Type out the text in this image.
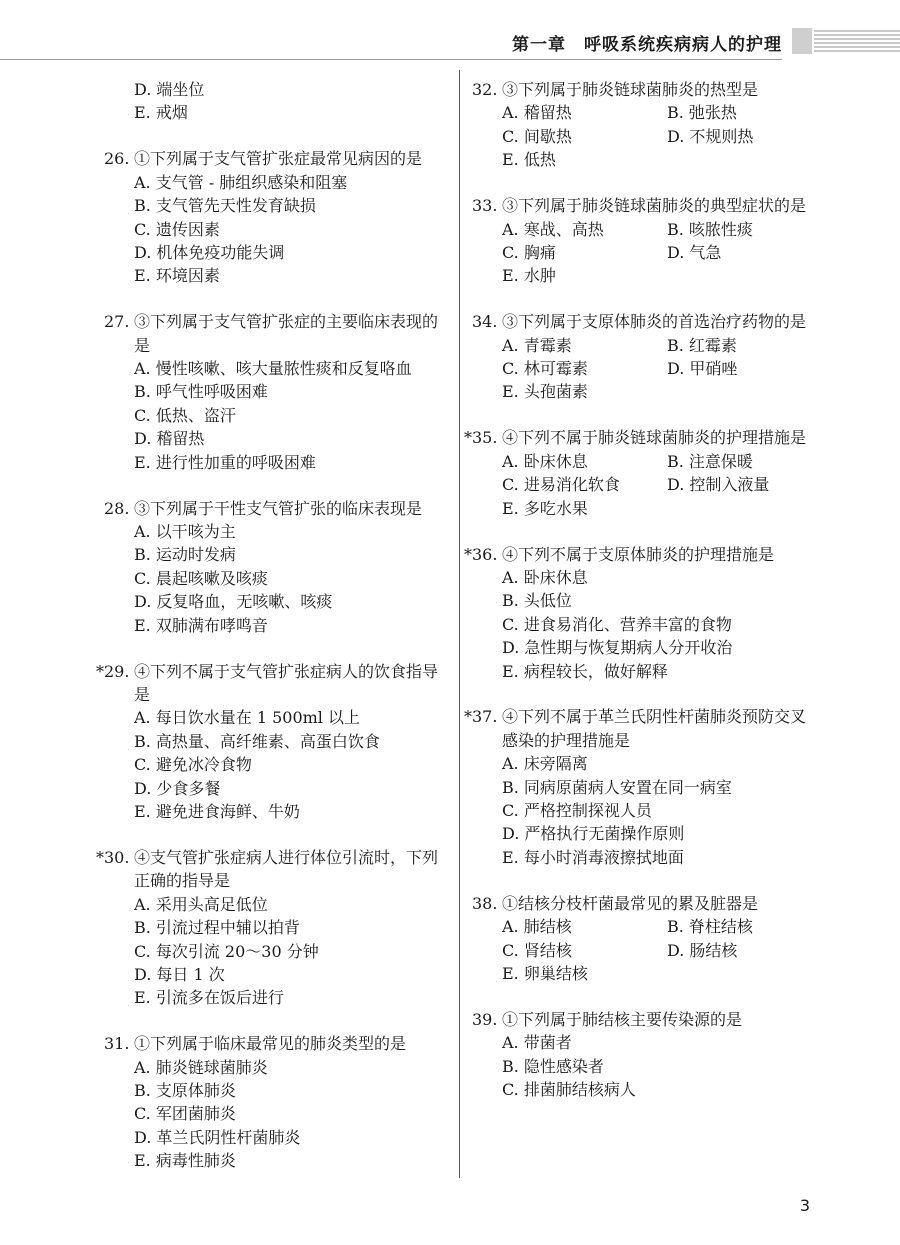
第一章　呼吸系统疾病病人的护理
D. 端坐位
E. 戒烟
26. ①下列属于支气管扩张症最常见病因的是
A. 支气管 - 肺组织感染和阻塞
B. 支气管先天性发育缺损
C. 遗传因素
D. 机体免疫功能失调
E. 环境因素
27. ③下列属于支气管扩张症的主要临床表现的是
A. 慢性咳嗽、咳大量脓性痰和反复咯血
B. 呼气性呼吸困难
C. 低热、盗汗
D. 稽留热
E. 进行性加重的呼吸困难
28. ③下列属于干性支气管扩张的临床表现是
A. 以干咳为主
B. 运动时发病
C. 晨起咳嗽及咳痰
D. 反复咯血，无咳嗽、咳痰
E. 双肺满布哮鸣音
*29. ④下列不属于支气管扩张症病人的饮食指导是
A. 每日饮水量在 1 500ml 以上
B. 高热量、高纤维素、高蛋白饮食
C. 避免冰冷食物
D. 少食多餐
E. 避免进食海鲜、牛奶
*30. ④支气管扩张症病人进行体位引流时，下列正确的指导是
A. 采用头高足低位
B. 引流过程中辅以拍背
C. 每次引流 20～30 分钟
D. 每日 1 次
E. 引流多在饭后进行
31. ①下列属于临床最常见的肺炎类型的是
A. 肺炎链球菌肺炎
B. 支原体肺炎
C. 军团菌肺炎
D. 革兰氏阴性杆菌肺炎
E. 病毒性肺炎
32. ③下列属于肺炎链球菌肺炎的热型是
A. 稽留热	B. 弛张热
C. 间歇热	D. 不规则热
E. 低热
33. ③下列属于肺炎链球菌肺炎的典型症状的是
A. 寒战、高热	B. 咳脓性痰
C. 胸痛	D. 气急
E. 水肿
34. ③下列属于支原体肺炎的首选治疗药物的是
A. 青霉素	B. 红霉素
C. 林可霉素	D. 甲硝唑
E. 头孢菌素
*35. ④下列不属于肺炎链球菌肺炎的护理措施是
A. 卧床休息	B. 注意保暖
C. 进易消化软食	D. 控制入液量
E. 多吃水果
*36. ④下列不属于支原体肺炎的护理措施是
A. 卧床休息
B. 头低位
C. 进食易消化、营养丰富的食物
D. 急性期与恢复期病人分开收治
E. 病程较长，做好解释
*37. ④下列不属于革兰氏阴性杆菌肺炎预防交叉感染的护理措施是
A. 床旁隔离
B. 同病原菌病人安置在同一病室
C. 严格控制探视人员
D. 严格执行无菌操作原则
E. 每小时消毒液擦拭地面
38. ①结核分枝杆菌最常见的累及脏器是
A. 肺结核	B. 脊柱结核
C. 肾结核	D. 肠结核
E. 卵巢结核
39. ①下列属于肺结核主要传染源的是
A. 带菌者
B. 隐性感染者
C. 排菌肺结核病人
3
